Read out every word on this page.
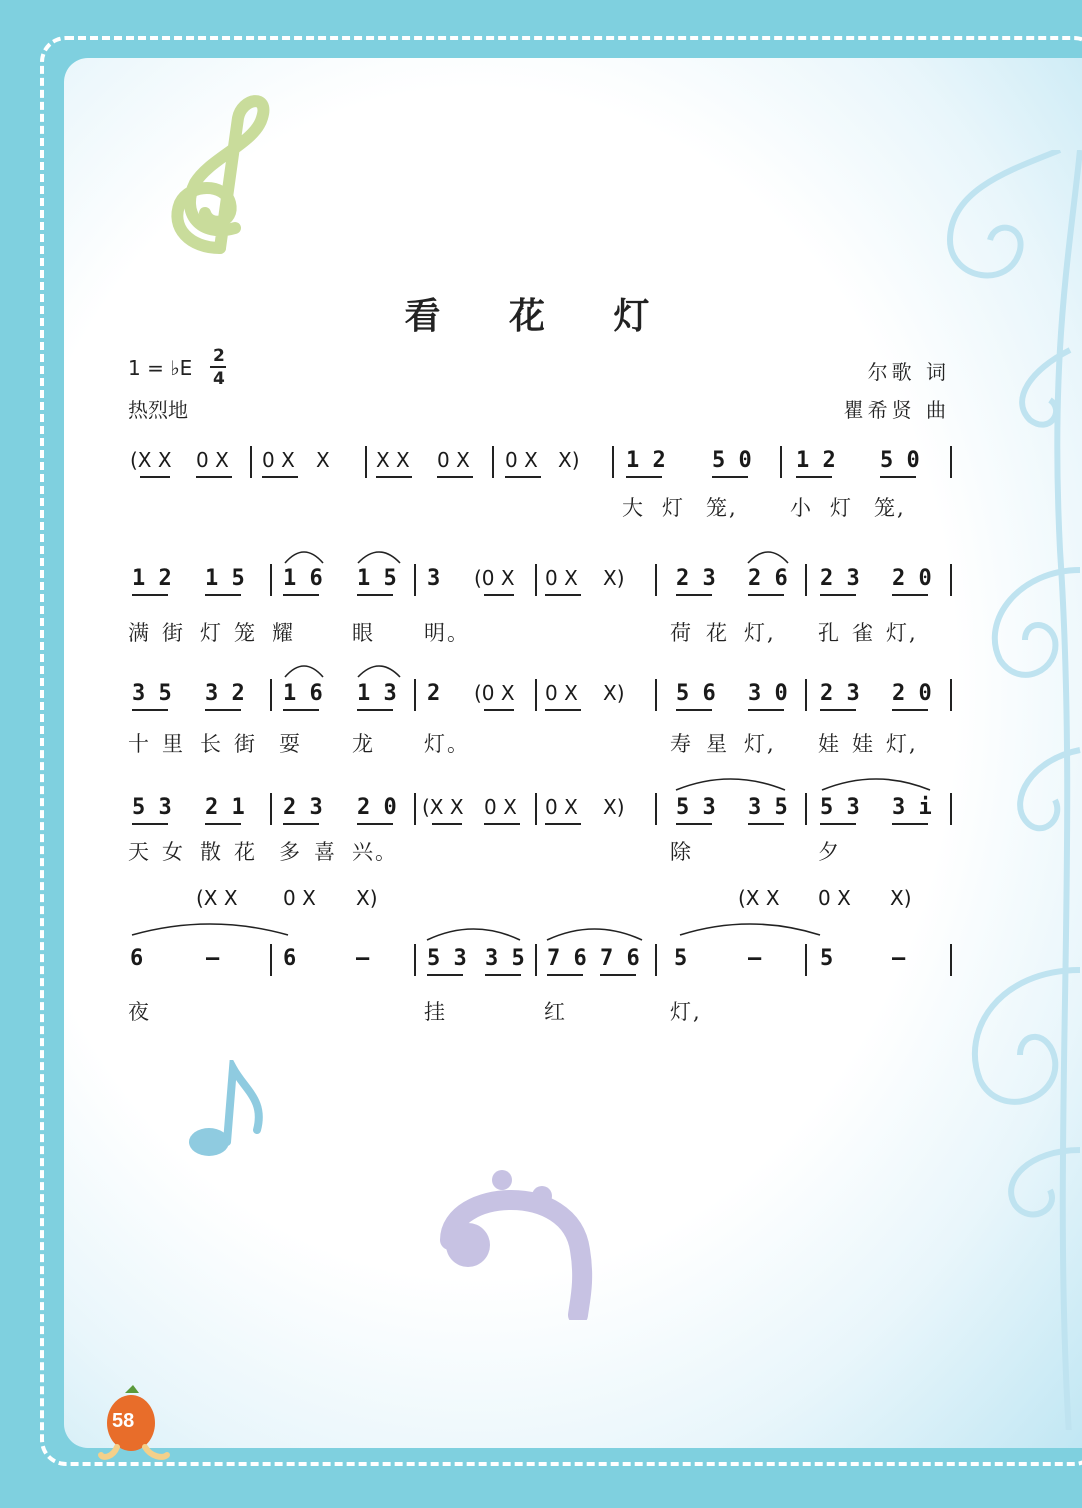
58
看 花 灯
1 = ♭E 2
4
热烈地
尔歌 词
瞿希贤 曲
(X X 0 X 0 X X X X 0 X 0 X X) 1 2 5 0 1 2 5 0
大 灯 笼, 小 灯 笼,
1 2 1 5 1 6 1 5 3 (0 X 0 X X) 2 3 2 6 2 3 2 0
满 街 灯 笼 耀	眼 明。	荷 花 灯, 孔 雀 灯,
3 5 3 2 1 6 1 3 2 (0 X 0 X X) 5 6 3 0 2 3 2 0
十 里 长 街 耍 龙 灯。	寿 星 灯, 娃 娃 灯,
5 3 2 1 2 3 2 0 (X X 0 X 0 X X) 5 3 3 5 5 3 3 i
天 女 散 花 多 喜 兴。	除	夕
6	–	6	–	5 3 3 5 7 6 7 6 5	–	5	–
夜	挂	红	灯,
(X X 0 X X)	(X X 0 X X)
